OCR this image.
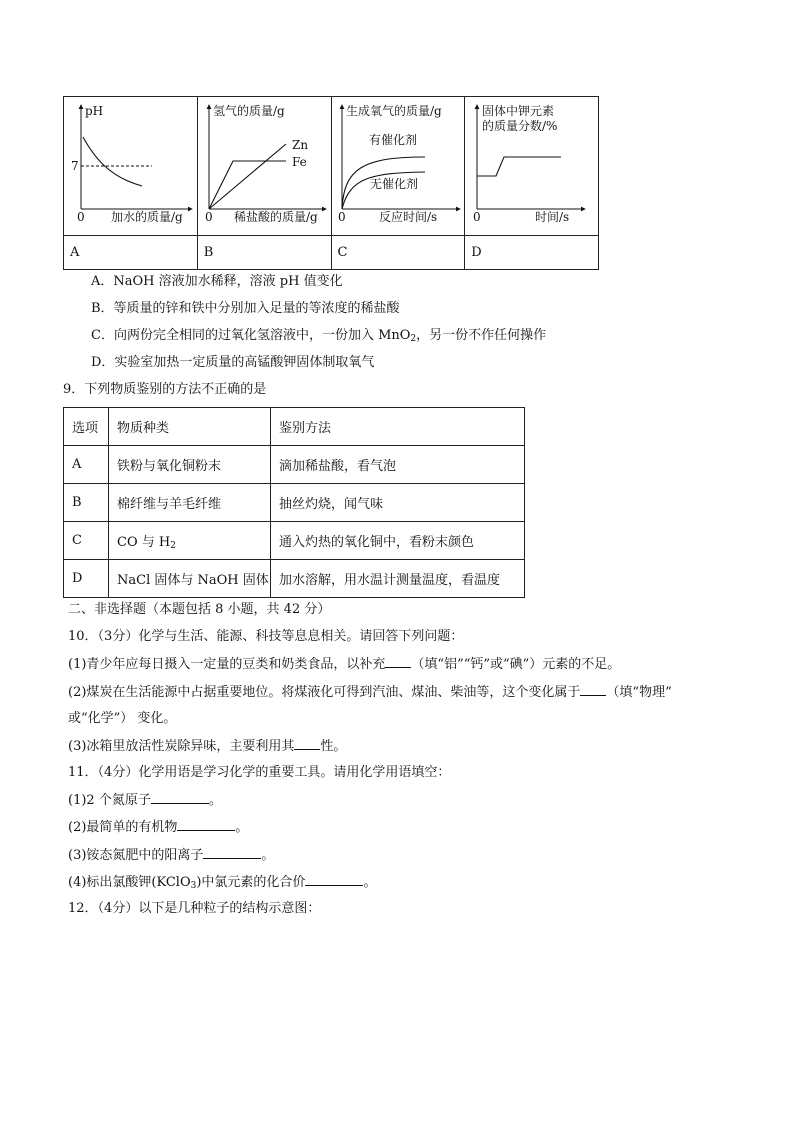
pH
7
0 加水的质量/g	氢气的质量/g
Zn
Fe
0 稀盐酸的质量/g	生成氧气的质量/g
有催化剂
无催化剂
0 反应时间/s	固体中钾元素
的质量分数/%
0 时间/s

A	B	C	D
A．NaOH 溶液加水稀释，溶液 pH 值变化
B．等质量的锌和铁中分别加入足量的等浓度的稀盐酸
C．向两份完全相同的过氧化氢溶液中，一份加入 MnO$_2$，另一份不作任何操作
D．实验室加热一定质量的高锰酸钾固体制取氧气
9．下列物质鉴别的方法不正确的是
选项	物质种类	鉴别方法
A	铁粉与氧化铜粉末	滴加稀盐酸，看气泡
B	棉纤维与羊毛纤维	抽丝灼烧，闻气味
C	CO 与 $H_2$	通入灼热的氧化铜中，看粉末颜色
D	NaCl 固体与 NaOH 固体	加水溶解，用水温计测量温度，看温度
二、非选择题（本题包括 8 小题，共 42 分）
10．（3分）化学与生活、能源、科技等息息相关。请回答下列问题：
(1)青少年应每日摄入一定量的豆类和奶类食品，以补充 （填“铝”“钙”或“碘”）元素的不足。
(2)煤炭在生活能源中占据重要地位。将煤液化可得到汽油、煤油、柴油等，这个变化属于 （填“物理”
或“化学”） 变化。
(3)冰箱里放活性炭除异味，主要利用其 性。
11．（4分）化学用语是学习化学的重要工具。请用化学用语填空：
(1)2 个氮原子	。
(2)最简单的有机物	。
(3)铵态氮肥中的阳离子	。
(4)标出氯酸钾(KClO$_3$)中氯元素的化合价	。
12．（4分）以下是几种粒子的结构示意图：
